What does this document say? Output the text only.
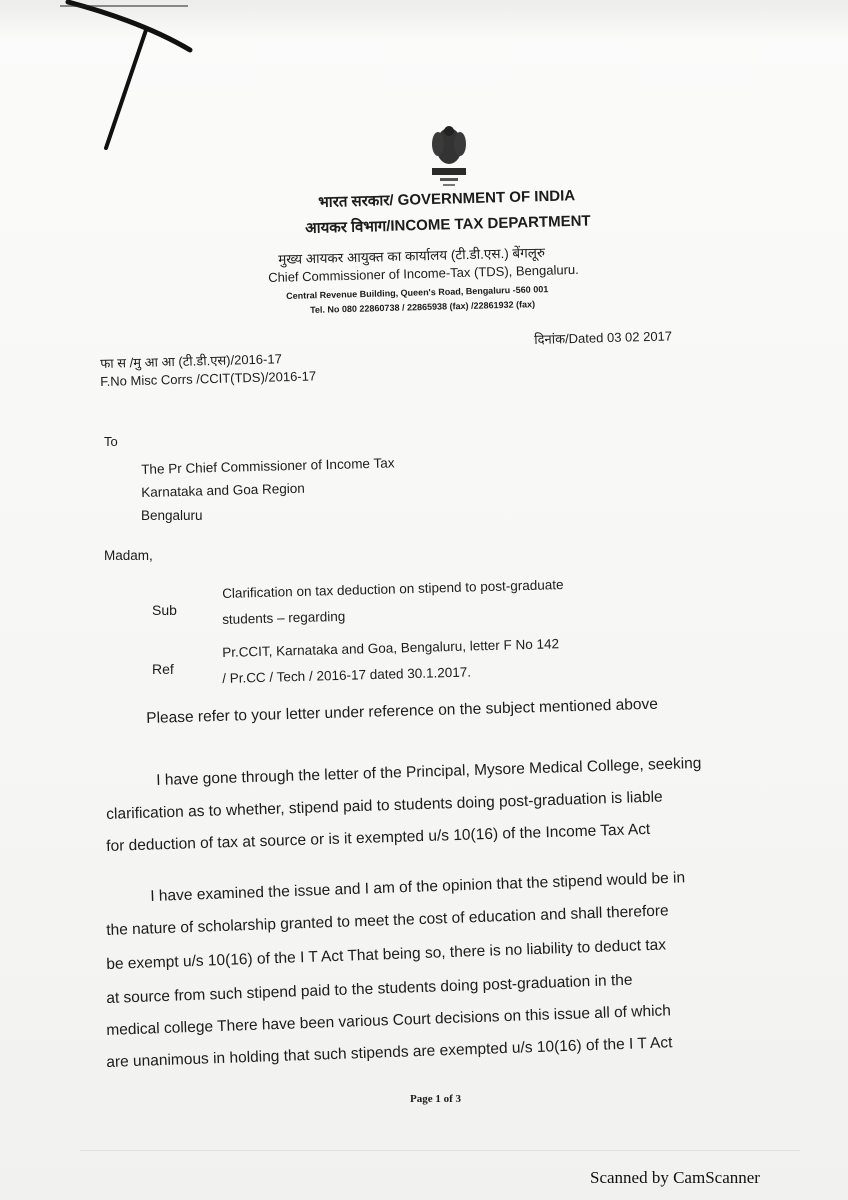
भारत सरकार/ GOVERNMENT OF INDIA
आयकर विभाग/INCOME TAX DEPARTMENT
मुख्य आयकर आयुक्त का कार्यालय (टी.डी.एस.) बेंगलूरु
Chief Commissioner of Income-Tax (TDS), Bengaluru.
Central Revenue Building, Queen's Road, Bengaluru -560 001
Tel. No 080 22860738 / 22865938 (fax) /22861932 (fax)
दिनांक/Dated 03 02 2017
फा स /मु आ आ (टी.डी.एस)/2016-17
F.No Misc Corrs /CCIT(TDS)/2016-17
To
The Pr Chief Commissioner of Income Tax
Karnataka and Goa Region
Bengaluru
Madam,
Sub
Clarification on tax deduction on stipend to post-graduate
students – regarding
Ref
Pr.CCIT, Karnataka and Goa, Bengaluru, letter F No 142
/ Pr.CC / Tech / 2016-17 dated 30.1.2017.
Please refer to your letter under reference on the subject mentioned above
I have gone through the letter of the Principal, Mysore Medical College, seeking
clarification as to whether, stipend paid to students doing post-graduation is liable
for deduction of tax at source or is it exempted u/s 10(16) of the Income Tax Act
I have examined the issue and I am of the opinion that the stipend would be in
the nature of scholarship granted to meet the cost of education and shall therefore
be exempt u/s 10(16) of the I T Act That being so, there is no liability to deduct tax
at source from such stipend paid to the students doing post-graduation in the
medical college There have been various Court decisions on this issue all of which
are unanimous in holding that such stipends are exempted u/s 10(16) of the I T Act
Page 1 of 3
Scanned by CamScanner
